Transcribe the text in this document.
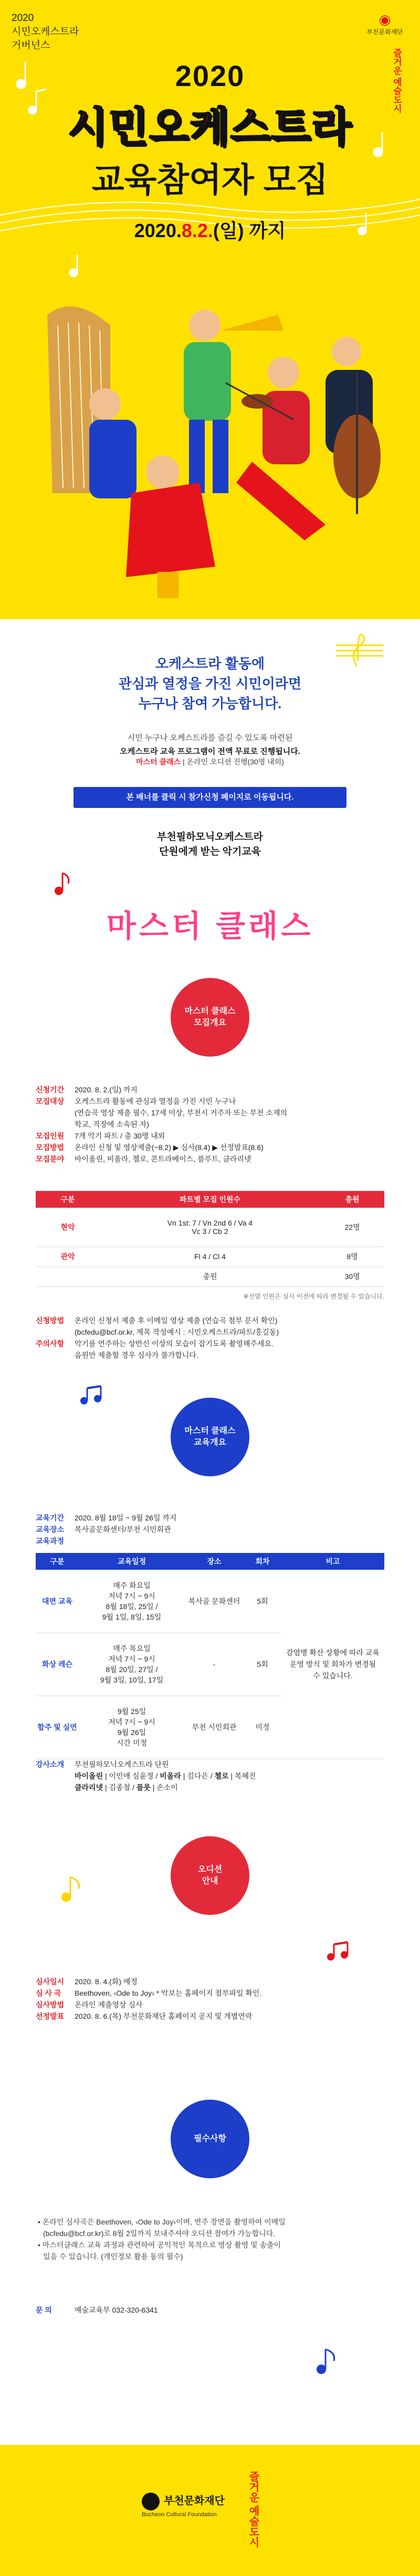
2020
시민오케스트라
거버넌스
◉
부천문화재단
즐거운 예술도시
2020
시민오케스트라
교육참여자 모집
2020.8.2.(일) 까지
오케스트라 활동에
관심과 열정을 가진 시민이라면
누구나 참여 가능합니다.
시민 누구나 오케스트라를 즐길 수 있도록 마련된
오케스트라 교육 프로그램이 전액 무료로 진행됩니다.
마스터 클래스 | 온라인 오디션 진행(30명 내외)
본 배너를 클릭 시 참가신청 페이지로 이동됩니다.
부천필하모닉오케스트라
단원에게 받는 악기교육
마스터 클래스
마스터 클래스
모집개요
신청기간	2020. 8. 2.(일) 까지
모집대상	오케스트라 활동에 관심과 열정을 가진 시민 누구나
(연습곡 영상 제출 필수, 17세 이상, 부천시 거주자 또는 부천 소재의
학교, 직장에 소속된 자)
모집인원	7개 악기 파트 / 총 30명 내외
모집방법	온라인 신청 및 영상제출(~8.2) ▶ 심사(8.4) ▶ 선정발표(8.6)
모집분야	바이올린, 비올라, 첼로, 콘트라베이스, 플루트, 클라리넷
구분	파트별 모집 인원수	총원
현악	Vn 1st: 7 / Vn 2nd 6 / Va 4
Vc 3 / Cb 2	22명
관악	Fl 4 / Cl 4	8명
	총원	30명
※선발 인원은 심사 이전에 따라 변경될 수 있습니다.
신청방법	온라인 신청서 제출 후 이메일 영상 제출 (연습곡 첨부 문서 확인)
(bcfedu@bcf.or.kr, 제목 작성예시 : 시민오케스트라/파트/홍길동)
주의사항	악기를 연주하는 상반신 이상의 모습이 잡기도록 촬영해주세요.
음원만 제출할 경우 심사가 불가합니다.
마스터 클래스
교육개요
교육기간	2020. 8월 18일 ~ 9월 26일 까지
교육장소	복사골문화센터/부천 시민회관
교육과정
구분	교육일정	장소	회차	비고
대면 교육	매주 화요일
저녁 7시 ~ 9시
8월 18일, 25일 /
9월 1일, 8일, 15일	복사골 문화센터	5회	감염병 확산 상황에 따라 교육 운영 방식 및 회차가 변경될 수 있습니다.
화상 레슨	매주 목요일
저녁 7시 ~ 9시
8월 20일, 27일 /
9월 3일, 10일, 17일	-	5회	
합주 및 실연	9월 25일
저녁 7시 ~ 9시
9월 26일
시간 미정	부천 시민회관	미정	
강사소개	부천필하모닉오케스트라 단원
바이올린 | 이민애 심윤정 / 비올라 | 김다은 / 첼로 | 복혜진
클라리넷 | 김종철 / 플룻 | 손소이
오디션
안내
심사일시	2020. 8. 4.(화) 예정
심 사 곡	Beethoven, ‹Ode to Joy› * 악보는 홈페이지 첨부파일 확인.
심사방법	온라인 제출영상 심사
선정발표	2020. 8. 6.(목) 부천문화재단 홈페이지 공지 및 개별연락
필수사항
• 온라인 심사곡은 Beethoven, ‹Ode to Joy›이며, 연주 장면을 촬영하여 이메일
(bcfedu@bcf.or.kr)로 8월 2일까지 보내주셔야 오디션 참여가 가능합니다.
• 마스터클래스 교육 과정과 관련하여 공익적인 목적으로 영상 촬영 및 송출이
있을 수 있습니다. (개인정보 활용 동의 필수)
문 의	예술교육부 032-320-6341
부천문화재단
Bucheon Cultural Foundation	즐거운 예술도시
